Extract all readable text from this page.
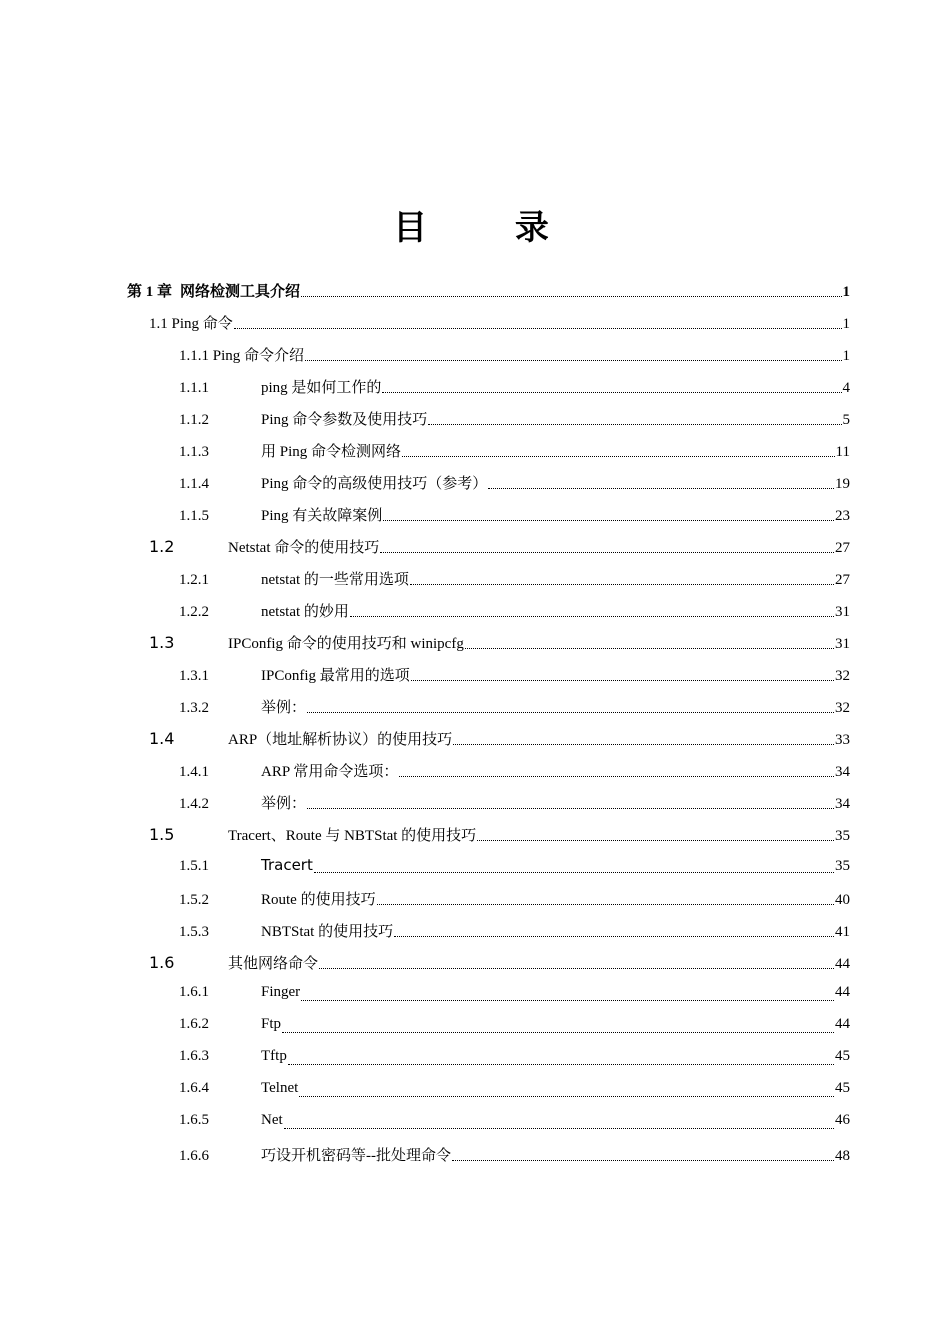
目 录
第 1 章 网络检测工具介绍	1
1.1 Ping 命令	1
1.1.1 Ping 命令介绍	1
1.1.1	ping 是如何工作的	4
1.1.2	Ping 命令参数及使用技巧	5
1.1.3	用 Ping 命令检测网络	11
1.1.4	Ping 命令的高级使用技巧（参考）	19
1.1.5	Ping 有关故障案例	23
1.2	Netstat 命令的使用技巧	27
1.2.1	netstat 的一些常用选项	27
1.2.2	netstat 的妙用	31
1.3	IPConfig 命令的使用技巧和 winipcfg	31
1.3.1	IPConfig 最常用的选项	32
1.3.2	举例：	32
1.4	ARP（地址解析协议）的使用技巧	33
1.4.1	ARP 常用命令选项：	34
1.4.2	举例：	34
1.5	Tracert、Route 与 NBTStat 的使用技巧	35
1.5.1	Tracert	35
1.5.2	Route 的使用技巧	40
1.5.3	NBTStat 的使用技巧	41
1.6	其他网络命令	44
1.6.1	Finger	44
1.6.2	Ftp	44
1.6.3	Tftp	45
1.6.4	Telnet	45
1.6.5	Net	46
1.6.6	巧设开机密码等--批处理命令	48
